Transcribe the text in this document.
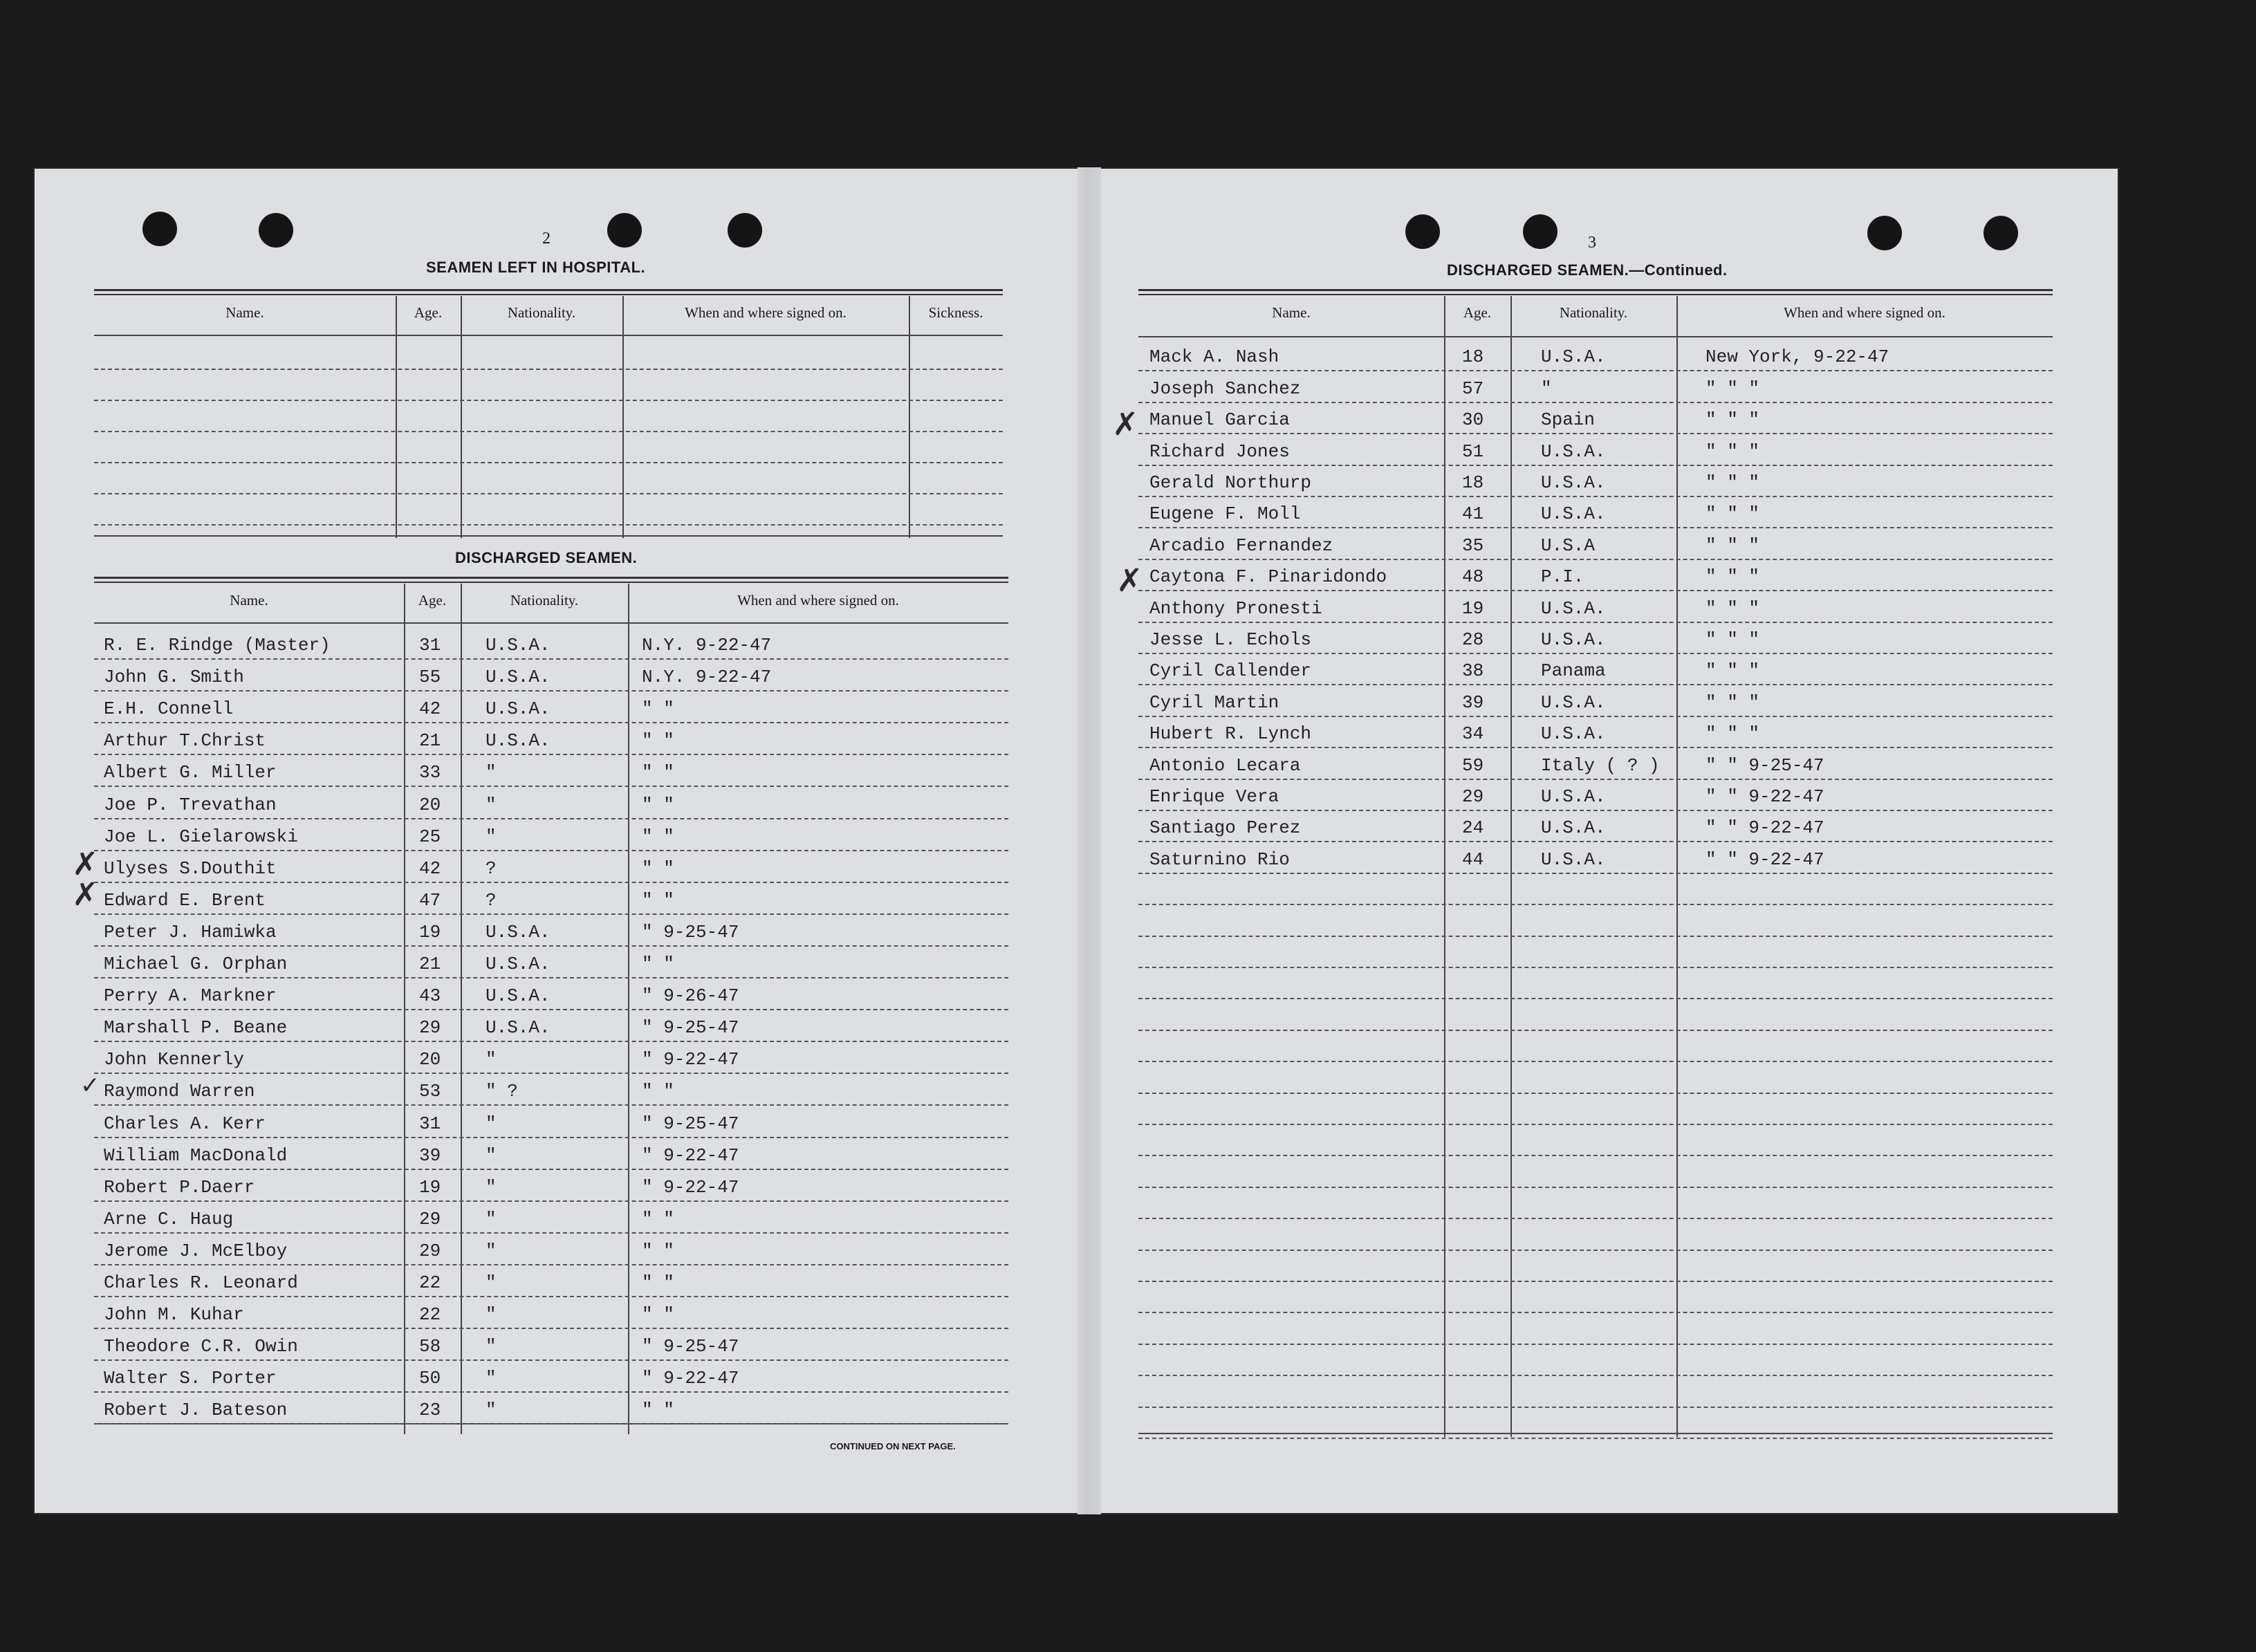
2
SEAMEN LEFT IN HOSPITAL.
Name.	Age.	Nationality.	When and where signed on.	Sickness.
DISCHARGED SEAMEN.
Name.	Age.	Nationality.	When and where signed on.
R. E. Rindge (Master)	31 U.S.A.	N.Y. 9-22-47
John G. Smith	55 U.S.A.	N.Y. 9-22-47
E.H. Connell	42 U.S.A.	" "
Arthur T.Christ	21 U.S.A.	" "
Albert G. Miller	33 "	" "
Joe P. Trevathan	20 "	" "
Joe L. Gielarowski	25 "	" "
Ulyses S.Douthit	42 ?	" "
Edward E. Brent	47 ?	" "
Peter J. Hamiwka	19 U.S.A.	" 9-25-47
Michael G. Orphan	21 U.S.A.	" "
Perry A. Markner	43 U.S.A.	" 9-26-47
Marshall P. Beane	29 U.S.A.	" 9-25-47
John Kennerly	20 "	" 9-22-47
Raymond Warren	53 " ?	" "
Charles A. Kerr	31 "	" 9-25-47
William MacDonald	39 "	" 9-22-47
Robert P.Daerr	19 "	" 9-22-47
Arne C. Haug	29 "	" "
Jerome J. McElboy	29 "	" "
Charles R. Leonard	22 "	" "
John M. Kuhar	22 "	" "
Theodore C.R. Owin	58 "	" 9-25-47
Walter S. Porter	50 "	" 9-22-47
Robert J. Bateson	23 "	" "
CONTINUED ON NEXT PAGE.
3
DISCHARGED SEAMEN.—Continued.
Name.	Age.	Nationality.	When and where signed on.
Mack A. Nash	18	U.S.A.	New York, 9-22-47
Joseph Sanchez	57	"	" " "
Manuel Garcia	30	Spain	" " "
Richard Jones	51	U.S.A.	" " "
Gerald Northurp	18	U.S.A.	" " "
Eugene F. Moll	41	U.S.A.	" " "
Arcadio Fernandez	35	U.S.A	" " "
Caytona F. Pinaridondo	48	P.I.	" " "
Anthony Pronesti	19	U.S.A.	" " "
Jesse L. Echols	28	U.S.A.	" " "
Cyril Callender	38	Panama	" " "
Cyril Martin	39	U.S.A.	" " "
Hubert R. Lynch	34	U.S.A.	" " "
Antonio Lecara	59	Italy ( ? )	" " 9-25-47
Enrique Vera	29	U.S.A.	" " 9-22-47
Santiago Perez	24	U.S.A.	" " 9-22-47
Saturnino Rio	44	U.S.A.	" " 9-22-47
✗
✗
✓
✗
✗
